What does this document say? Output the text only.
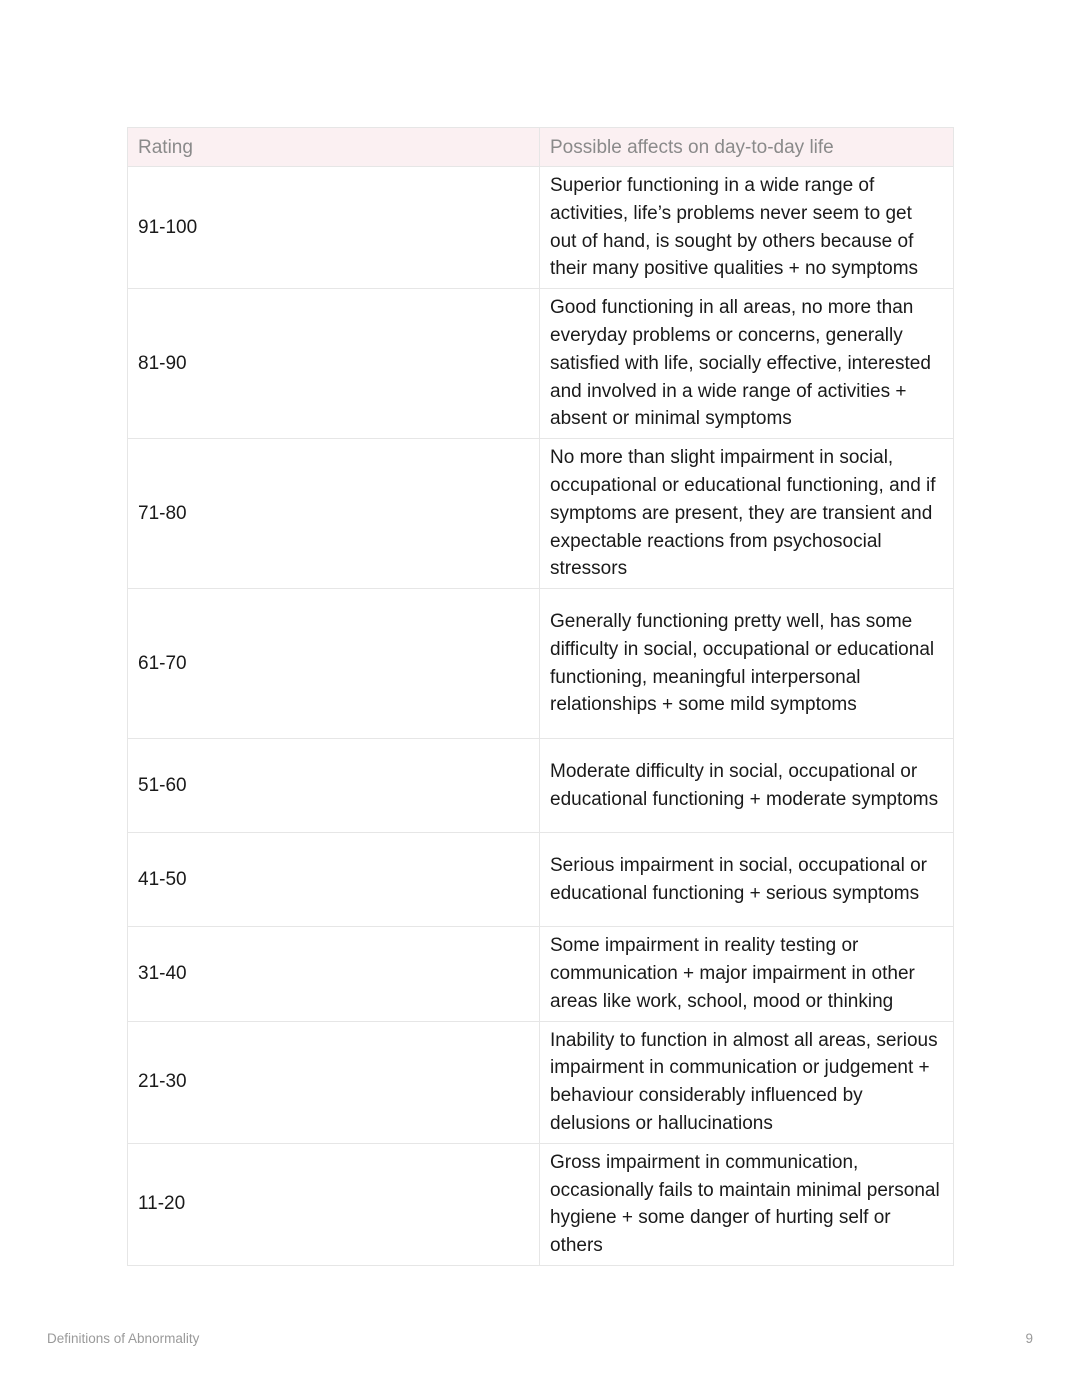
Rating	Possible affects on day-to-day life
91-100	Superior functioning in a wide range of activities, life’s problems never seem to get out of hand, is sought by others because of their many positive qualities + no symptoms
81-90	Good functioning in all areas, no more than everyday problems or concerns, generally satisfied with life, socially effective, interested and involved in a wide range of activities + absent or minimal symptoms
71-80	No more than slight impairment in social, occupational or educational functioning, and if symptoms are present, they are transient and expectable reactions from psychosocial stressors
61-70	Generally functioning pretty well, has some difficulty in social, occupational or educational functioning, meaningful interpersonal relationships + some mild symptoms
51-60	Moderate difficulty in social, occupational or educational functioning + moderate symptoms
41-50	Serious impairment in social, occupational or educational functioning + serious symptoms
31-40	Some impairment in reality testing or communication + major impairment in other areas like work, school, mood or thinking
21-30	Inability to function in almost all areas, serious impairment in communication or judgement + behaviour considerably influenced by delusions or hallucinations
11-20	Gross impairment in communication, occasionally fails to maintain minimal personal hygiene + some danger of hurting self or others
Definitions of Abnormality	9
